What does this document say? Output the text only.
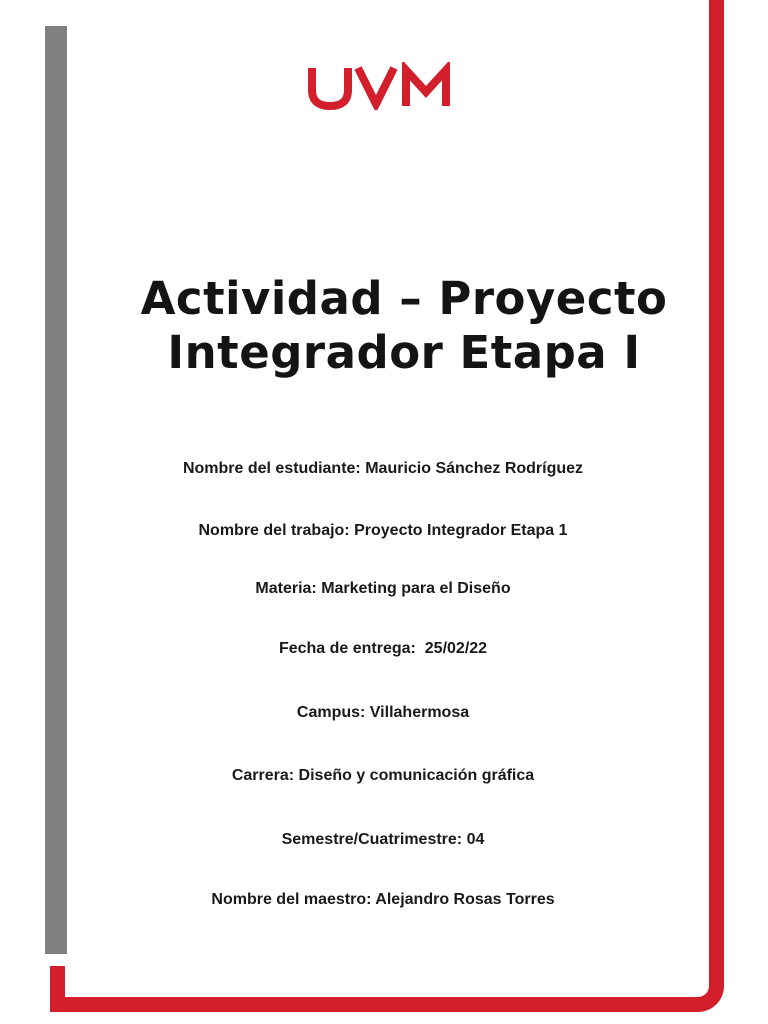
Actividad – Proyecto Integrador Etapa I
Nombre del estudiante: Mauricio Sánchez Rodríguez
Nombre del trabajo: Proyecto Integrador Etapa 1
Materia: Marketing para el Diseño
Fecha de entrega:  25/02/22
Campus: Villahermosa
Carrera: Diseño y comunicación gráfica
Semestre/Cuatrimestre: 04
Nombre del maestro: Alejandro Rosas Torres
